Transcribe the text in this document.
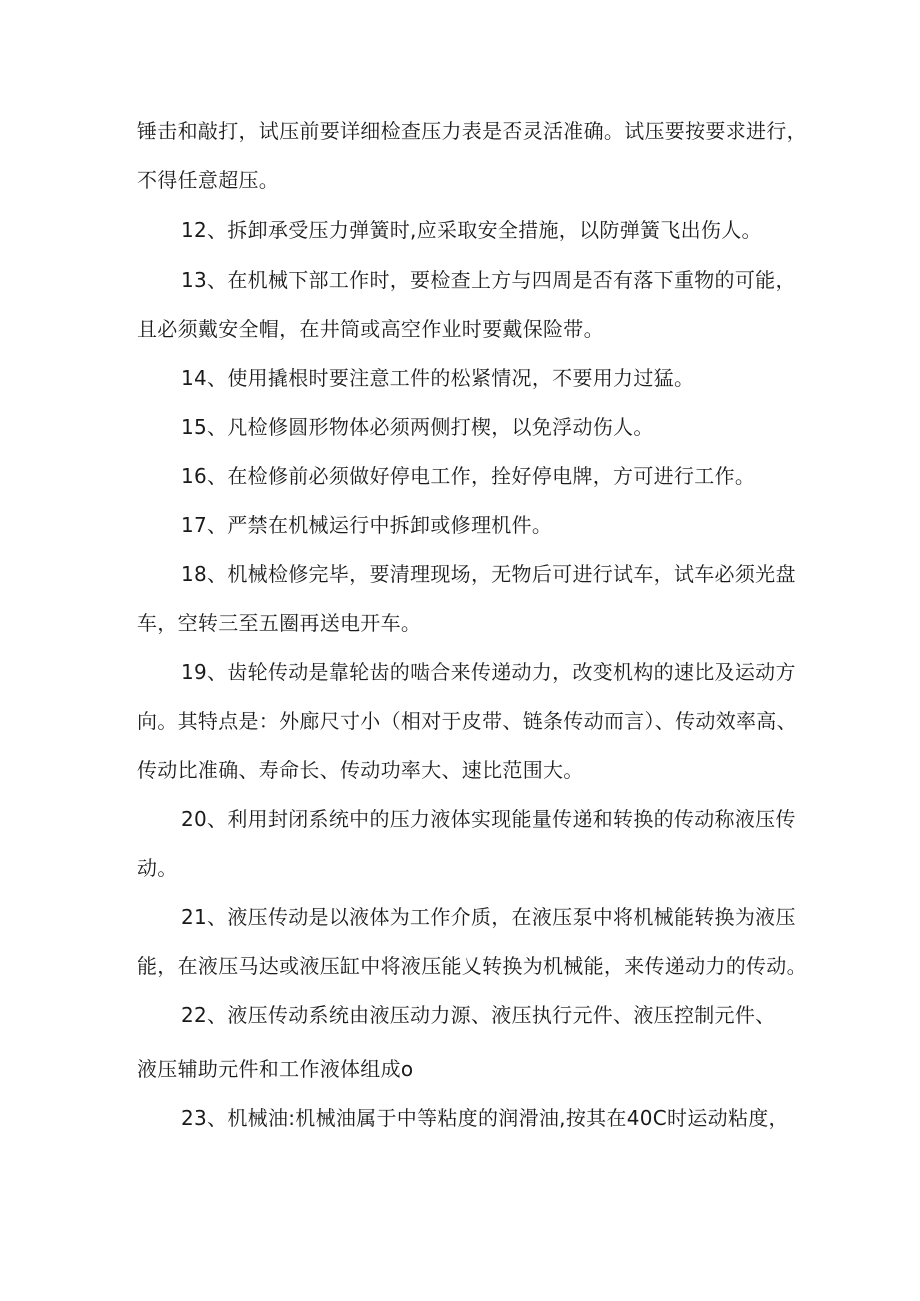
锤击和敲打，试压前要详细检查压力表是否灵活准确。试压要按要求进行，
不得任意超压。
12、拆卸承受压力弹簧时,应采取安全措施，以防弹簧飞出伤人。
13、在机械下部工作时，要检查上方与四周是否有落下重物的可能，
且必须戴安全帽，在井筒或高空作业时要戴保险带。
14、使用撬根时要注意工件的松紧情况，不要用力过猛。
15、凡检修圆形物体必须两侧打楔，以免浮动伤人。
16、在检修前必须做好停电工作，拴好停电牌，方可进行工作。
17、严禁在机械运行中拆卸或修理机件。
18、机械检修完毕，要清理现场，无物后可进行试车，试车必须光盘
车，空转三至五圈再送电开车。
19、齿轮传动是靠轮齿的啮合来传递动力，改变机构的速比及运动方
向。其特点是：外廊尺寸小（相对于皮带、链条传动而言）、传动效率高、
传动比准确、寿命长、传动功率大、速比范围大。
20、利用封闭系统中的压力液体实现能量传递和转换的传动称液压传
动。
21、液压传动是以液体为工作介质，在液压泵中将机械能转换为液压
能，在液压马达或液压缸中将液压能乂转换为机械能，来传递动力的传动。
22、液压传动系统由液压动力源、液压执行元件、液压控制元件、
液压辅助元件和工作液体组成o
23、机械油:机械油属于中等粘度的润滑油,按其在40C时运动粘度，
